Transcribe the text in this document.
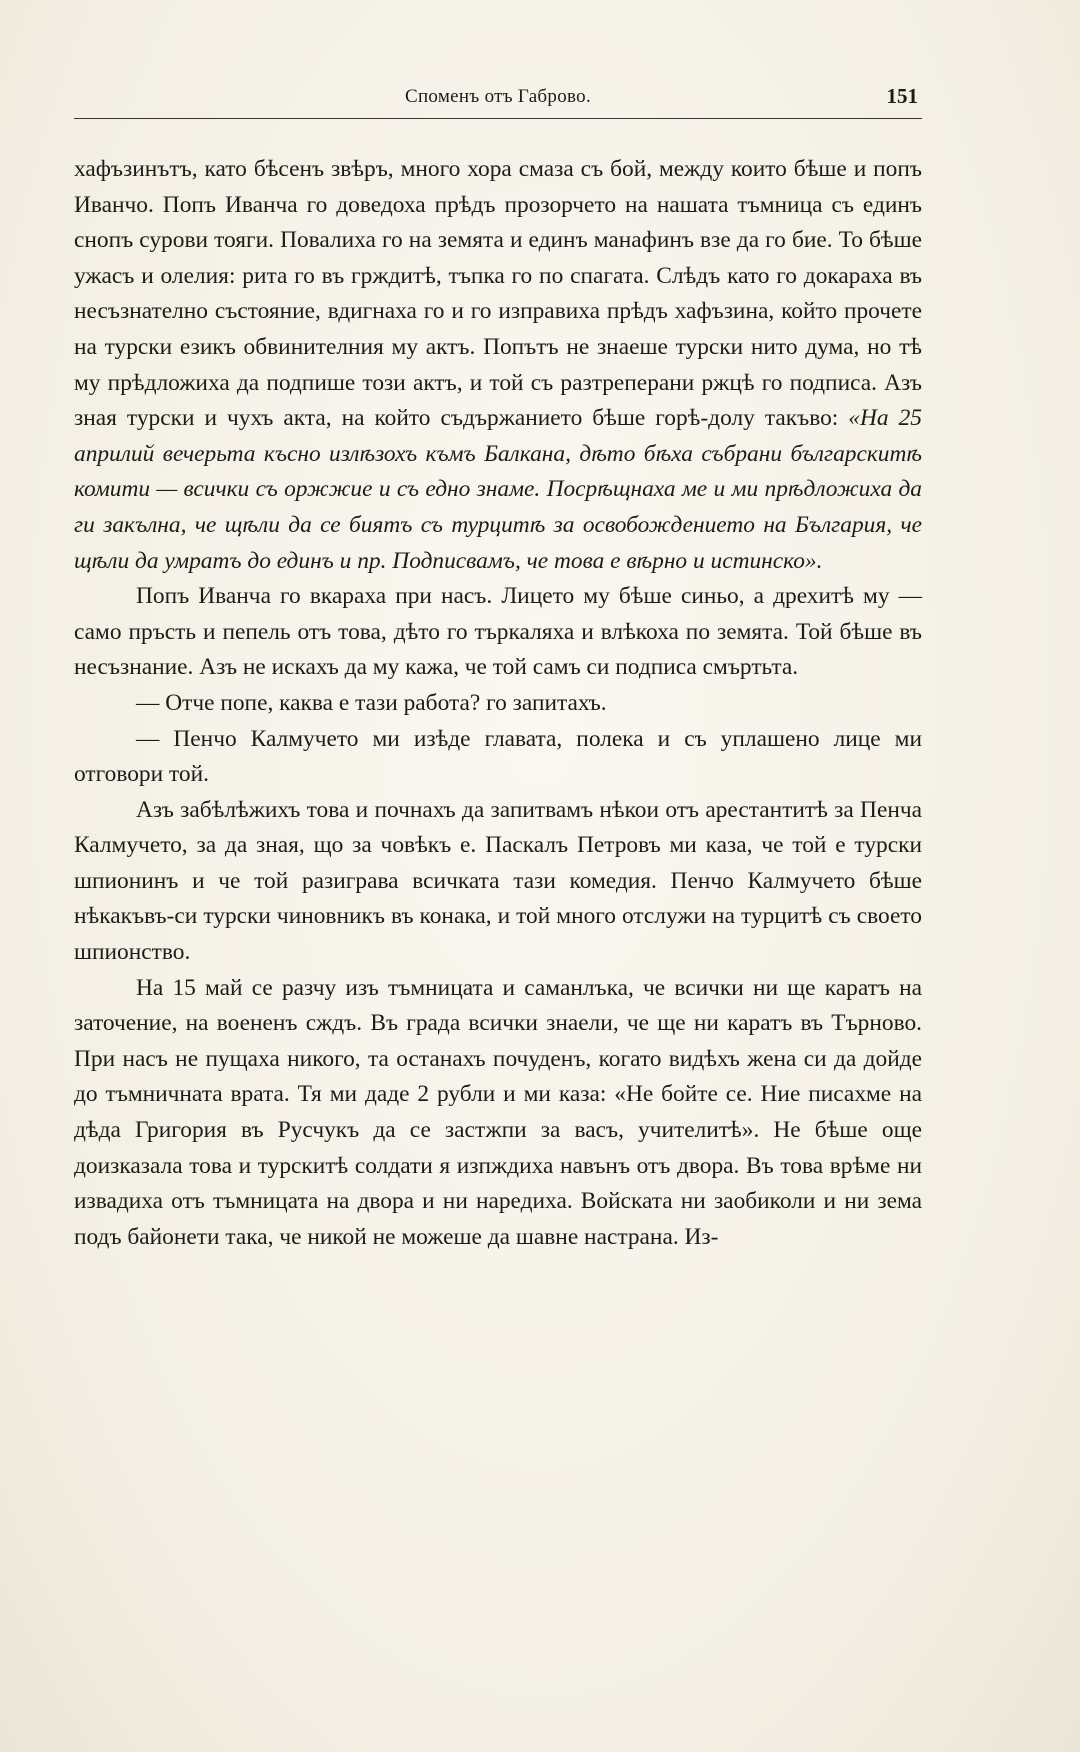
Споменъ отъ Габрово.	151

хафъзинътъ, като бѣсенъ звѣръ, много хора смаза съ бой, между които бѣше и попъ Иванчо. Попъ Иванча го доведоха прѣдъ прозорчето на нашата тъмница съ единъ снопъ сурови тояги. Повалиха го на земята и единъ манафинъ взе да го бие. То бѣше ужасъ и олелия: рита го въ грждитѣ, тъпка го по спагата. Слѣдъ като го докараха въ несъзнателно състояние, вдигнаха го и го изправиха прѣдъ хафъзина, който прочете на турски езикъ обвинителния му актъ. Попътъ не знаеше турски нито дума, но тѣ му прѣдложиха да подпише този актъ, и той съ разтреперани ржцѣ го подписа. Азъ зная турски и чухъ акта, на който съдържанието бѣше горѣ-долу такъво: «На 25 априлий вечерьта късно излѣзохъ къмъ Балкана, дѣто бѣха събрани българскитѣ комити — всички съ оржжие и съ едно знаме. Посрѣщнаха ме и ми прѣдложиха да ги закълна, че щѣли да се биятъ съ турцитѣ за освобождението на България, че щѣли да умратъ до единъ и пр. Подписвамъ, че това е вѣрно и истинско».

Попъ Иванча го вкараха при насъ. Лицето му бѣше синьо, а дрехитѣ му — само пръсть и пепель отъ това, дѣто го търкаляха и влѣкоха по земята. Той бѣше въ несъзнание. Азъ не искахъ да му кажа, че той самъ си подписа смъртьта.

— Отче попе, каква е тази работа? го запитахъ.

— Пенчо Калмучето ми изѣде главата, полека и съ уплашено лице ми отговори той.

Азъ забѣлѣжихъ това и почнахъ да запитвамъ нѣкои отъ арестантитѣ за Пенча Калмучето, за да зная, що за човѣкъ е. Паскалъ Петровъ ми каза, че той е турски шпионинъ и че той разиграва всичката тази комедия. Пенчо Калмучето бѣше нѣкакъвъ-си турски чиновникъ въ конака, и той много отслужи на турцитѣ съ своето шпионство.

На 15 май се разчу изъ тъмницата и саманлъка, че всички ни ще каратъ на заточение, на воененъ сждъ. Въ града всички знаели, че ще ни каратъ въ Търново. При насъ не пущаха никого, та останахъ почуденъ, когато видѣхъ жена си да дойде до тъмничната врата. Тя ми даде 2 рубли и ми каза: «Не бойте се. Ние писахме на дѣда Григория въ Русчукъ да се застжпи за васъ, учителитѣ». Не бѣше още доизказала това и турскитѣ солдати я изпждиха навънъ отъ двора. Въ това врѣме ни извадиха отъ тъмницата на двора и ни наредиха. Войската ни заобиколи и ни зема подъ байонети така, че никой не можеше да шавне настрана. Из-
